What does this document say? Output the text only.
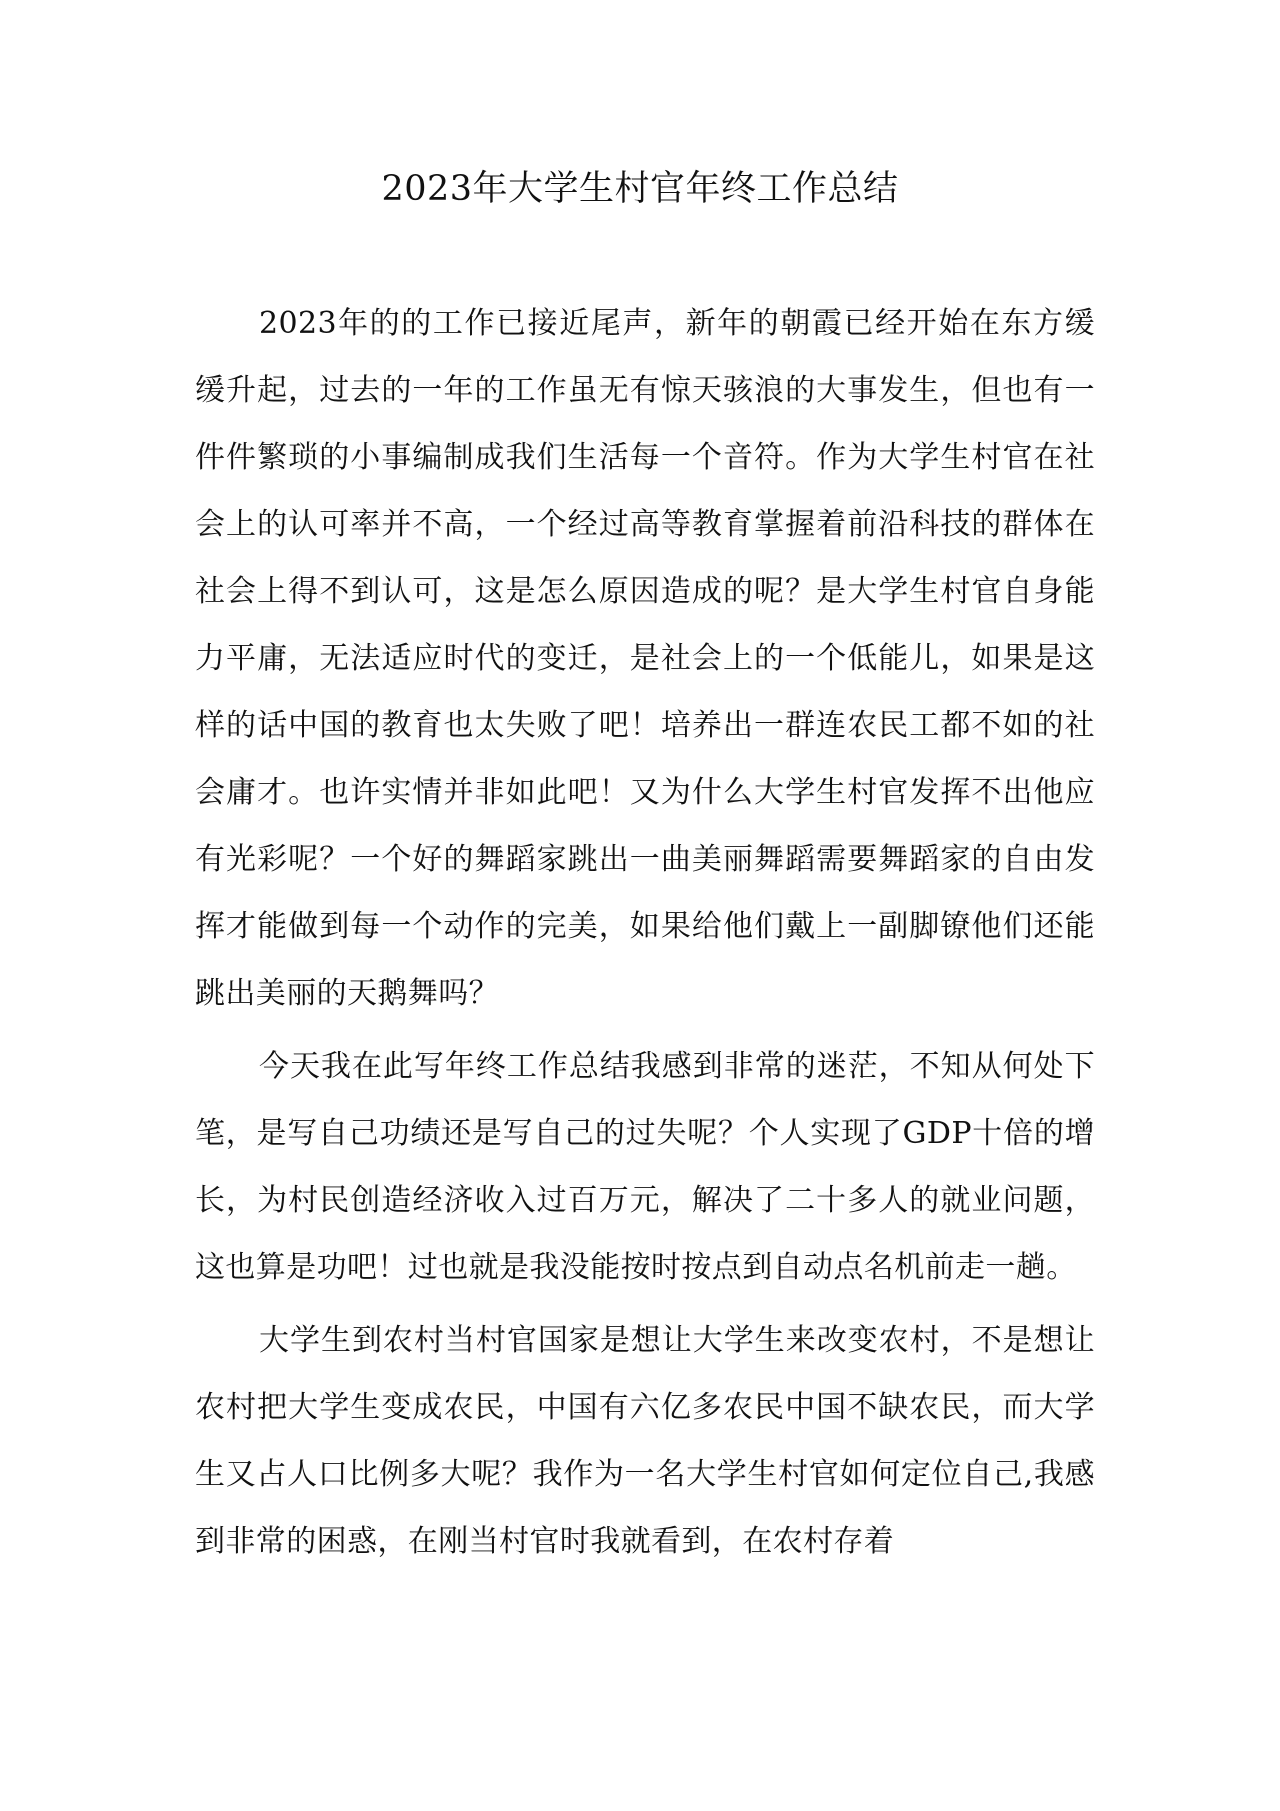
2023年大学生村官年终工作总结

2023年的的工作已接近尾声，新年的朝霞已经开始在东方缓缓升起，过去的一年的工作虽无有惊天骇浪的大事发生，但也有一件件繁琐的小事编制成我们生活每一个音符。作为大学生村官在社会上的认可率并不高，一个经过高等教育掌握着前沿科技的群体在社会上得不到认可，这是怎么原因造成的呢？是大学生村官自身能力平庸，无法适应时代的变迁，是社会上的一个低能儿，如果是这样的话中国的教育也太失败了吧！培养出一群连农民工都不如的社会庸才。也许实情并非如此吧！又为什么大学生村官发挥不出他应有光彩呢？一个好的舞蹈家跳出一曲美丽舞蹈需要舞蹈家的自由发挥才能做到每一个动作的完美，如果给他们戴上一副脚镣他们还能跳出美丽的天鹅舞吗？

今天我在此写年终工作总结我感到非常的迷茫，不知从何处下笔，是写自己功绩还是写自己的过失呢？个人实现了GDP十倍的增长，为村民创造经济收入过百万元，解决了二十多人的就业问题，这也算是功吧！过也就是我没能按时按点到自动点名机前走一趟。

大学生到农村当村官国家是想让大学生来改变农村，不是想让农村把大学生变成农民，中国有六亿多农民中国不缺农民，而大学生又占人口比例多大呢？我作为一名大学生村官如何定位自己,我感到非常的困惑，在刚当村官时我就看到，在农村存着
